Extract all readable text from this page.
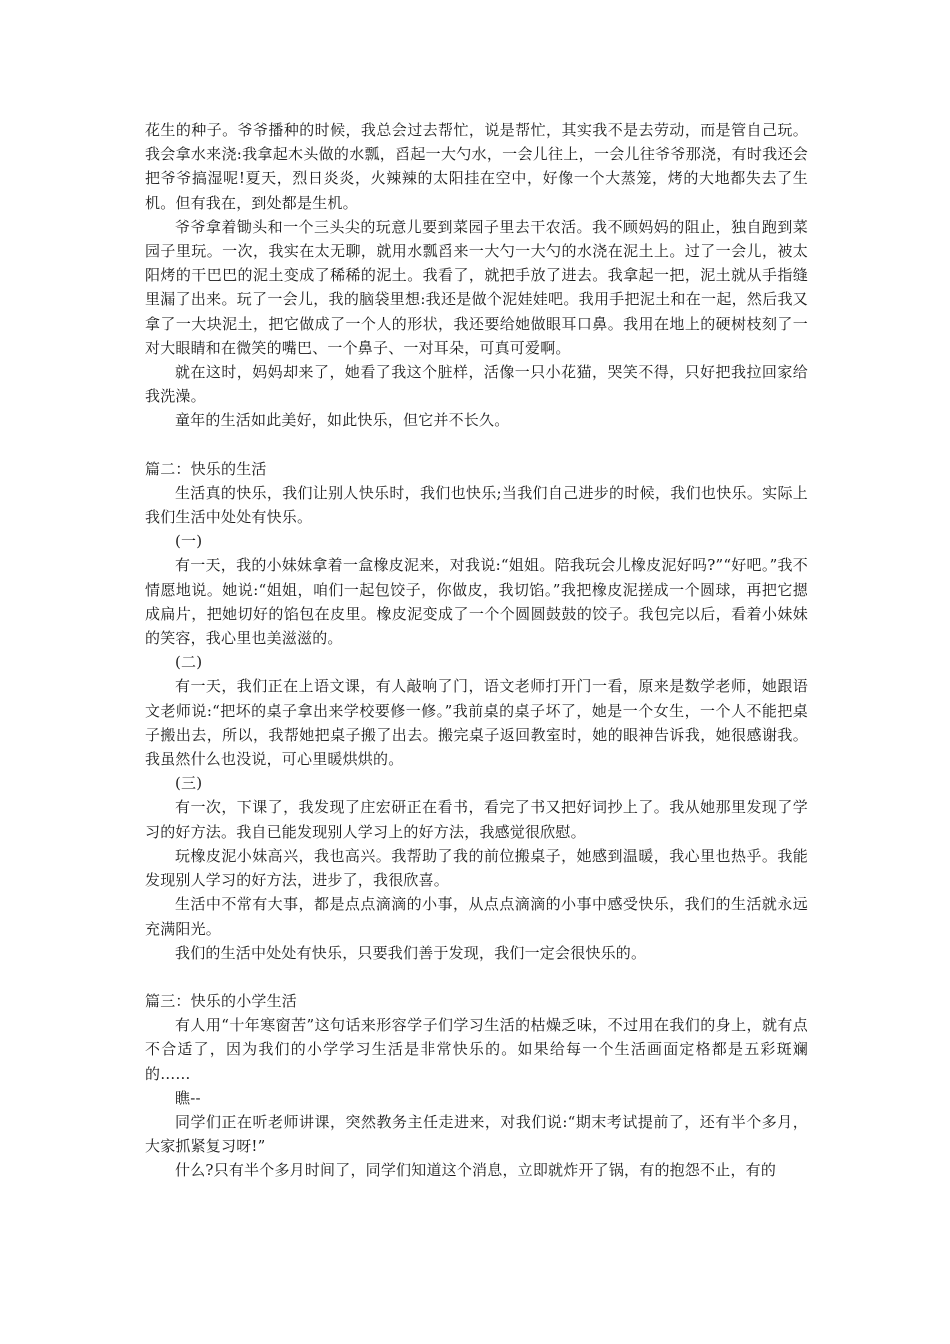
花生的种子。爷爷播种的时候，我总会过去帮忙，说是帮忙，其实我不是去劳动，而是管自己玩。我会拿水来浇:我拿起木头做的水瓢，舀起一大勺水，一会儿往上，一会儿往爷爷那浇，有时我还会把爷爷搞湿呢!夏天，烈日炎炎，火辣辣的太阳挂在空中，好像一个大蒸笼，烤的大地都失去了生机。但有我在，到处都是生机。

爷爷拿着锄头和一个三头尖的玩意儿要到菜园子里去干农活。我不顾妈妈的阻止，独自跑到菜园子里玩。一次，我实在太无聊，就用水瓢舀来一大勺一大勺的水浇在泥土上。过了一会儿，被太阳烤的干巴巴的泥土变成了稀稀的泥土。我看了，就把手放了进去。我拿起一把，泥土就从手指缝里漏了出来。玩了一会儿，我的脑袋里想:我还是做个泥娃娃吧。我用手把泥土和在一起，然后我又拿了一大块泥土，把它做成了一个人的形状，我还要给她做眼耳口鼻。我用在地上的硬树枝刻了一对大眼睛和在微笑的嘴巴、一个鼻子、一对耳朵，可真可爱啊。

就在这时，妈妈却来了，她看了我这个脏样，活像一只小花猫，哭笑不得，只好把我拉回家给我洗澡。

童年的生活如此美好，如此快乐，但它并不长久。

篇二：快乐的生活

生活真的快乐，我们让别人快乐时，我们也快乐;当我们自己进步的时候，我们也快乐。实际上我们生活中处处有快乐。

(一)

有一天，我的小妹妹拿着一盒橡皮泥来，对我说:“姐姐。陪我玩会儿橡皮泥好吗?”“好吧。”我不情愿地说。她说:“姐姐，咱们一起包饺子，你做皮，我切馅。”我把橡皮泥搓成一个圆球，再把它摁成扁片，把她切好的馅包在皮里。橡皮泥变成了一个个圆圆鼓鼓的饺子。我包完以后，看着小妹妹的笑容，我心里也美滋滋的。

(二)

有一天，我们正在上语文课，有人敲响了门，语文老师打开门一看，原来是数学老师，她跟语文老师说:“把坏的桌子拿出来学校要修一修。”我前桌的桌子坏了，她是一个女生，一个人不能把桌子搬出去，所以，我帮她把桌子搬了出去。搬完桌子返回教室时，她的眼神告诉我，她很感谢我。我虽然什么也没说，可心里暖烘烘的。

(三)

有一次，下课了，我发现了庄宏研正在看书，看完了书又把好词抄上了。我从她那里发现了学习的好方法。我自已能发现别人学习上的好方法，我感觉很欣慰。

玩橡皮泥小妹高兴，我也高兴。我帮助了我的前位搬桌子，她感到温暖，我心里也热乎。我能发现别人学习的好方法，进步了，我很欣喜。

生活中不常有大事，都是点点滴滴的小事，从点点滴滴的小事中感受快乐，我们的生活就永远充满阳光。

我们的生活中处处有快乐，只要我们善于发现，我们一定会很快乐的。

篇三：快乐的小学生活

有人用“十年寒窗苦”这句话来形容学子们学习生活的枯燥乏味，不过用在我们的身上，就有点不合适了，因为我们的小学学习生活是非常快乐的。如果给每一个生活画面定格都是五彩斑斓的……

瞧--

同学们正在听老师讲课，突然教务主任走进来，对我们说:“期末考试提前了，还有半个多月，大家抓紧复习呀!”

什么?只有半个多月时间了，同学们知道这个消息，立即就炸开了锅，有的抱怨不止，有的
